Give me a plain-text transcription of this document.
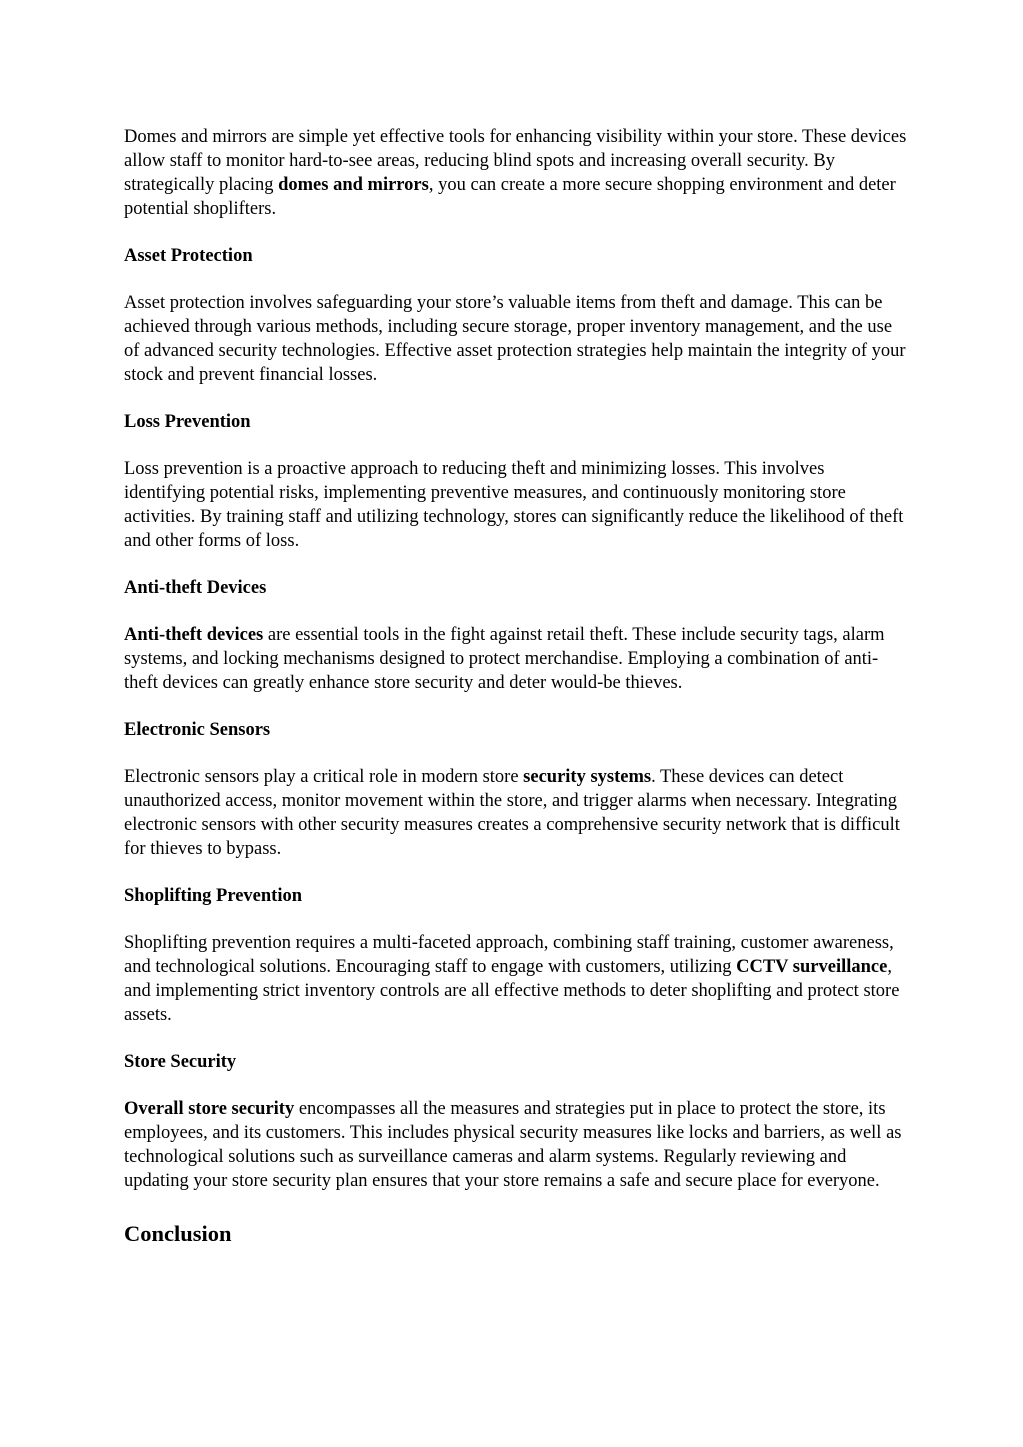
Domes and mirrors are simple yet effective tools for enhancing visibility within your store. These devices allow staff to monitor hard-to-see areas, reducing blind spots and increasing overall security. By strategically placing domes and mirrors, you can create a more secure shopping environment and deter potential shoplifters.

Asset Protection

Asset protection involves safeguarding your store’s valuable items from theft and damage. This can be achieved through various methods, including secure storage, proper inventory management, and the use of advanced security technologies. Effective asset protection strategies help maintain the integrity of your stock and prevent financial losses.

Loss Prevention

Loss prevention is a proactive approach to reducing theft and minimizing losses. This involves identifying potential risks, implementing preventive measures, and continuously monitoring store activities. By training staff and utilizing technology, stores can significantly reduce the likelihood of theft and other forms of loss.

Anti-theft Devices

Anti-theft devices are essential tools in the fight against retail theft. These include security tags, alarm systems, and locking mechanisms designed to protect merchandise. Employing a combination of anti-theft devices can greatly enhance store security and deter would-be thieves.

Electronic Sensors

Electronic sensors play a critical role in modern store security systems. These devices can detect unauthorized access, monitor movement within the store, and trigger alarms when necessary. Integrating electronic sensors with other security measures creates a comprehensive security network that is difficult for thieves to bypass.

Shoplifting Prevention

Shoplifting prevention requires a multi-faceted approach, combining staff training, customer awareness, and technological solutions. Encouraging staff to engage with customers, utilizing CCTV surveillance, and implementing strict inventory controls are all effective methods to deter shoplifting and protect store assets.

Store Security

Overall store security encompasses all the measures and strategies put in place to protect the store, its employees, and its customers. This includes physical security measures like locks and barriers, as well as technological solutions such as surveillance cameras and alarm systems. Regularly reviewing and updating your store security plan ensures that your store remains a safe and secure place for everyone.

Conclusion
